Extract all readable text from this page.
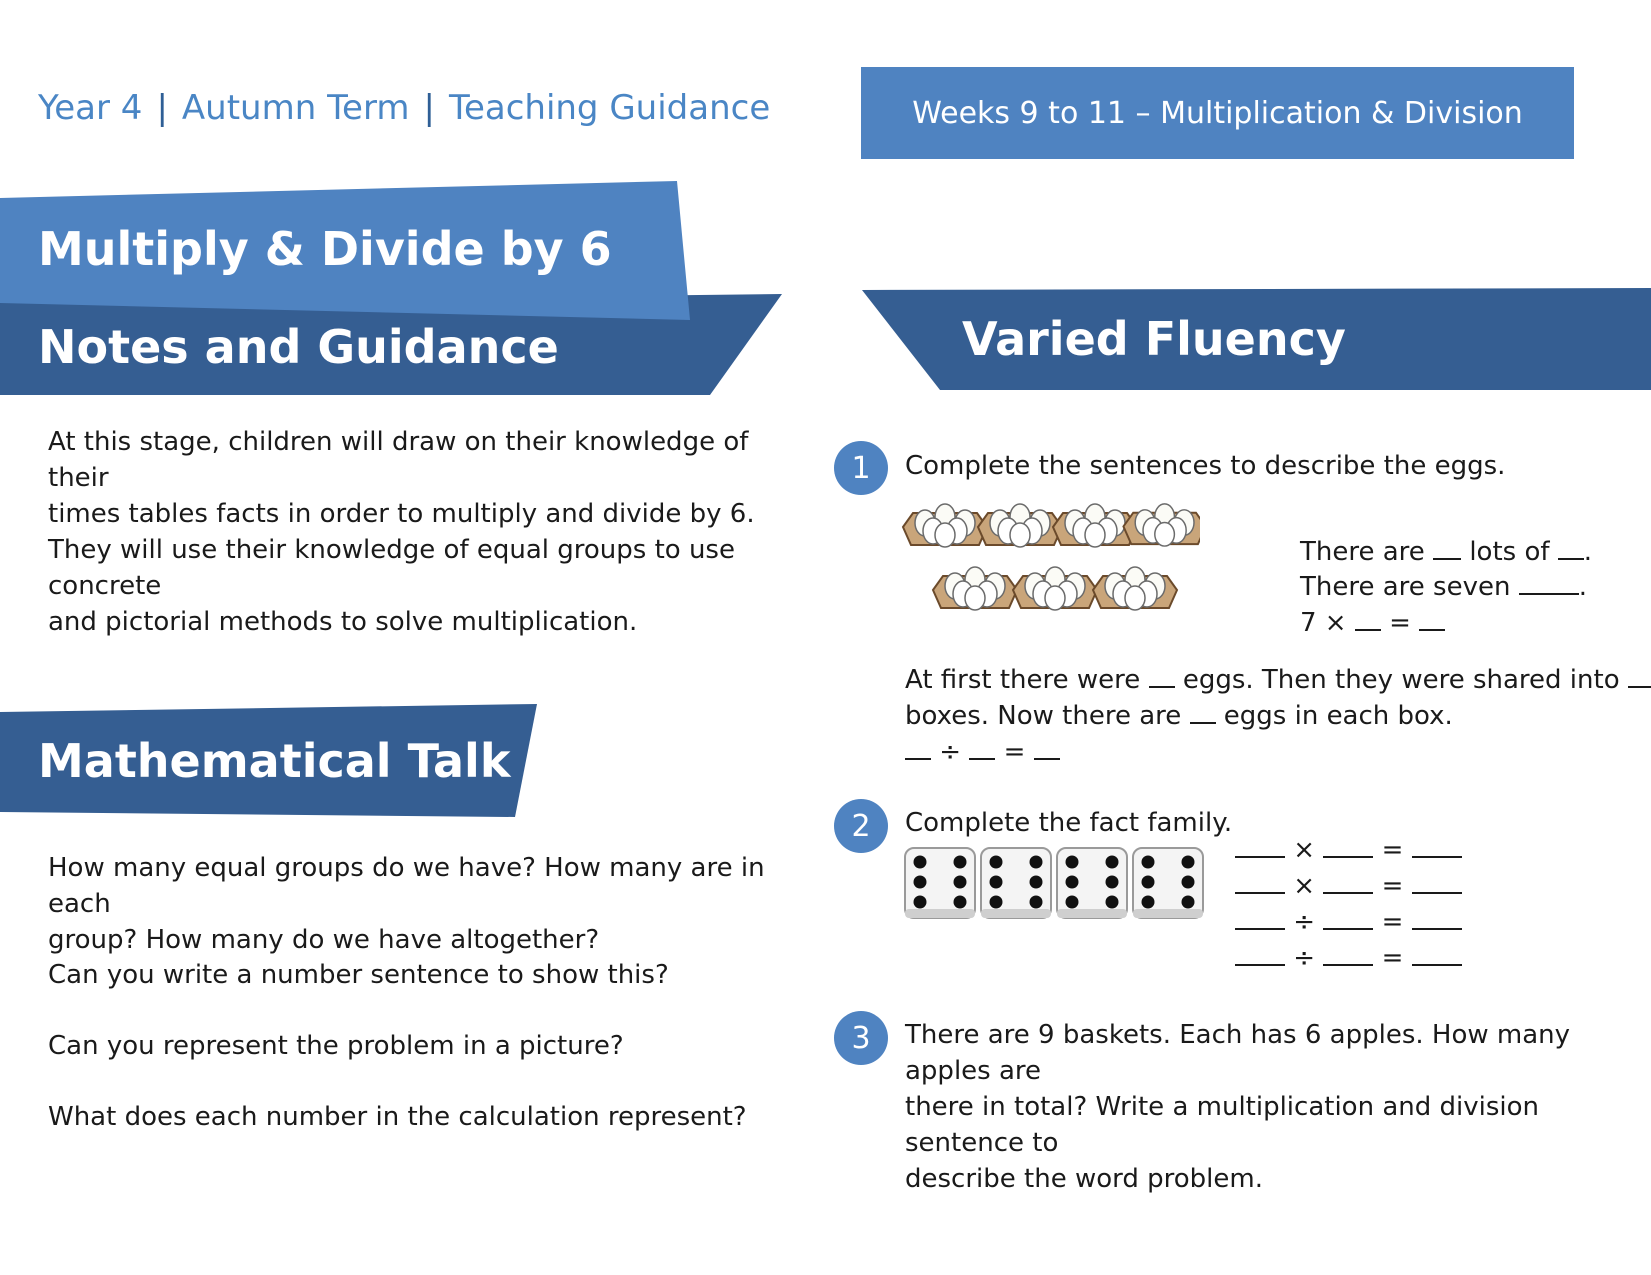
Year 4 | Autumn Term | Teaching Guidance	Weeks 9 to 11 – Multiplication & Division
Multiply & Divide by 6
Notes and Guidance
Mathematical Talk
Varied Fluency
At this stage, children will draw on their knowledge of their
times tables facts in order to multiply and divide by 6.
They will use their knowledge of equal groups to use concrete
and pictorial methods to solve multiplication.
How many equal groups do we have? How many are in each
group? How many do we have altogether?
Can you write a number sentence to show this?
Can you represent the problem in a picture?
What does each number in the calculation represent?
1	Complete the sentences to describe the eggs.
There are lots of .
There are seven	.
7 × =
At first there were eggs. Then they were shared into
boxes. Now there are eggs in each box.
÷ =
2	Complete the fact family.
×	=
×	=
÷	=
÷	=
3	There are 9 baskets. Each has 6 apples. How many apples are
there in total? Write a multiplication and division sentence to
describe the word problem.
